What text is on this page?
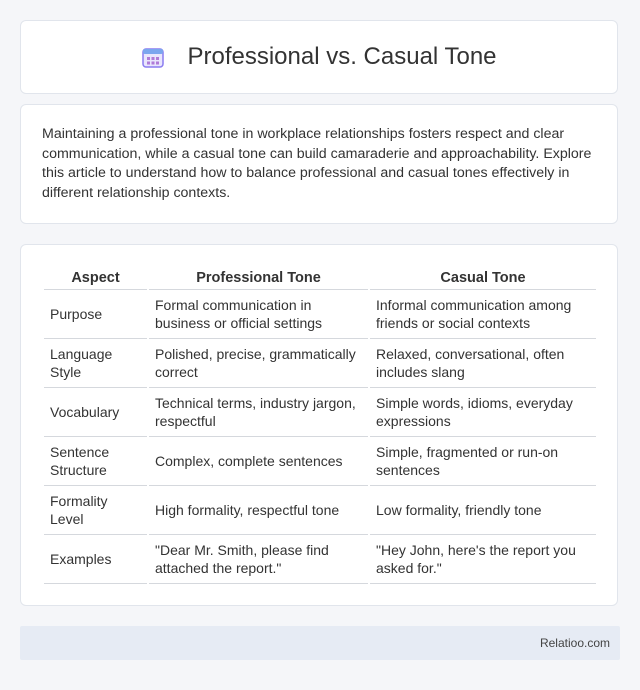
Professional vs. Casual Tone

Maintaining a professional tone in workplace relationships fosters respect and clear communication, while a casual tone can build camaraderie and approachability. Explore this article to understand how to balance professional and casual tones effectively in different relationship contexts.

Aspect	Professional Tone	Casual Tone
Purpose	Formal communication in business or official settings	Informal communication among friends or social contexts
Language Style	Polished, precise, grammatically correct	Relaxed, conversational, often includes slang
Vocabulary	Technical terms, industry jargon, respectful	Simple words, idioms, everyday expressions
Sentence Structure	Complex, complete sentences	Simple, fragmented or run-on sentences
Formality Level	High formality, respectful tone	Low formality, friendly tone
Examples	"Dear Mr. Smith, please find attached the report."	"Hey John, here's the report you asked for."
Relatioo.com
